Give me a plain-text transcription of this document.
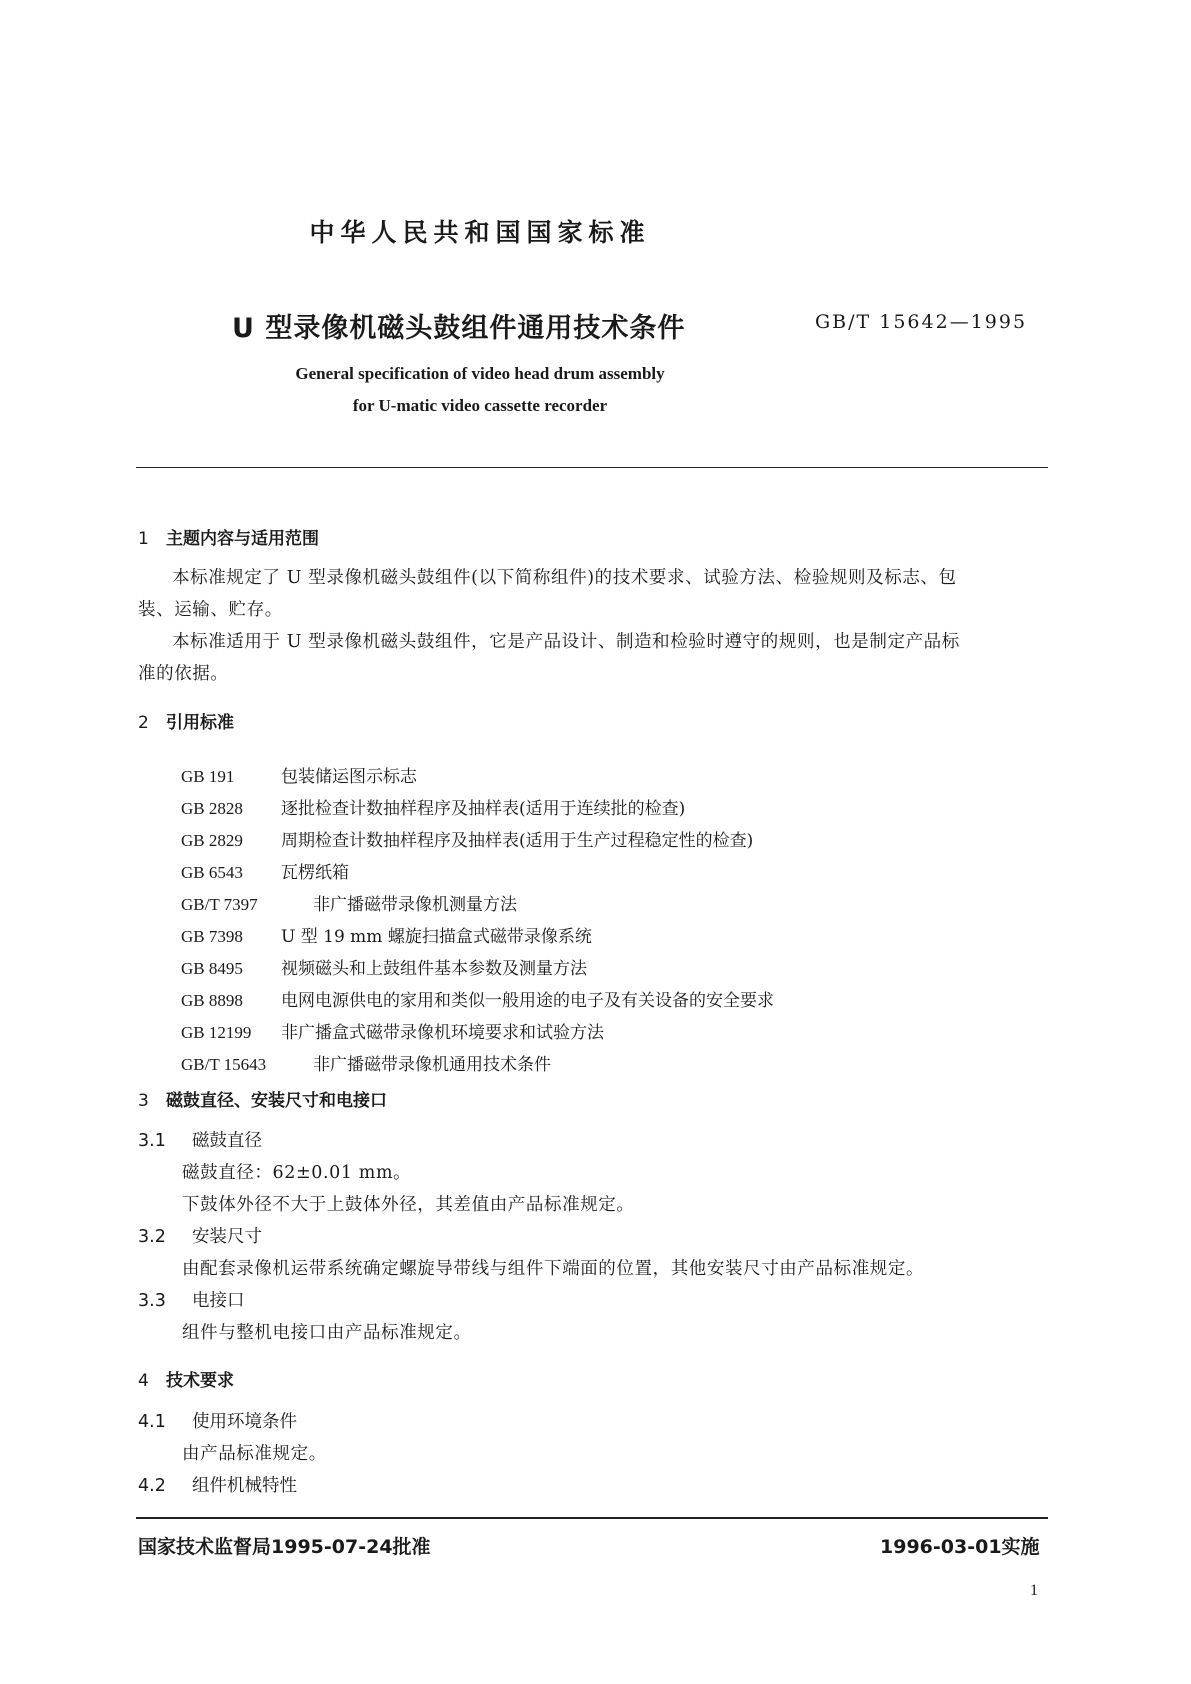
中华人民共和国国家标准
U 型录像机磁头鼓组件通用技术条件	GB/T 15642—1995
General specification of video head drum assembly
for U-matic video cassette recorder
1 主题内容与适用范围
本标准规定了 U 型录像机磁头鼓组件(以下简称组件)的技术要求、试验方法、检验规则及标志、包
装、运输、贮存。
本标准适用于 U 型录像机磁头鼓组件，它是产品设计、制造和检验时遵守的规则，也是制定产品标
准的依据。
2 引用标准
GB 191	包装储运图示标志
GB 2828 逐批检查计数抽样程序及抽样表(适用于连续批的检查)
GB 2829 周期检查计数抽样程序及抽样表(适用于生产过程稳定性的检查)
GB 6543 瓦楞纸箱
GB/T 7397	非广播磁带录像机测量方法
GB 7398 U 型 19 mm 螺旋扫描盒式磁带录像系统
GB 8495 视频磁头和上鼓组件基本参数及测量方法
GB 8898 电网电源供电的家用和类似一般用途的电子及有关设备的安全要求
GB 12199 非广播盒式磁带录像机环境要求和试验方法
GB/T 15643	非广播磁带录像机通用技术条件
3 磁鼓直径、安装尺寸和电接口
3.1 磁鼓直径
磁鼓直径：62±0.01 mm。
下鼓体外径不大于上鼓体外径，其差值由产品标准规定。
3.2 安装尺寸
由配套录像机运带系统确定螺旋导带线与组件下端面的位置，其他安装尺寸由产品标准规定。
3.3 电接口
组件与整机电接口由产品标准规定。
4 技术要求
4.1 使用环境条件
由产品标准规定。
4.2 组件机械特性
国家技术监督局1995-07-24批准	1996-03-01实施
1
